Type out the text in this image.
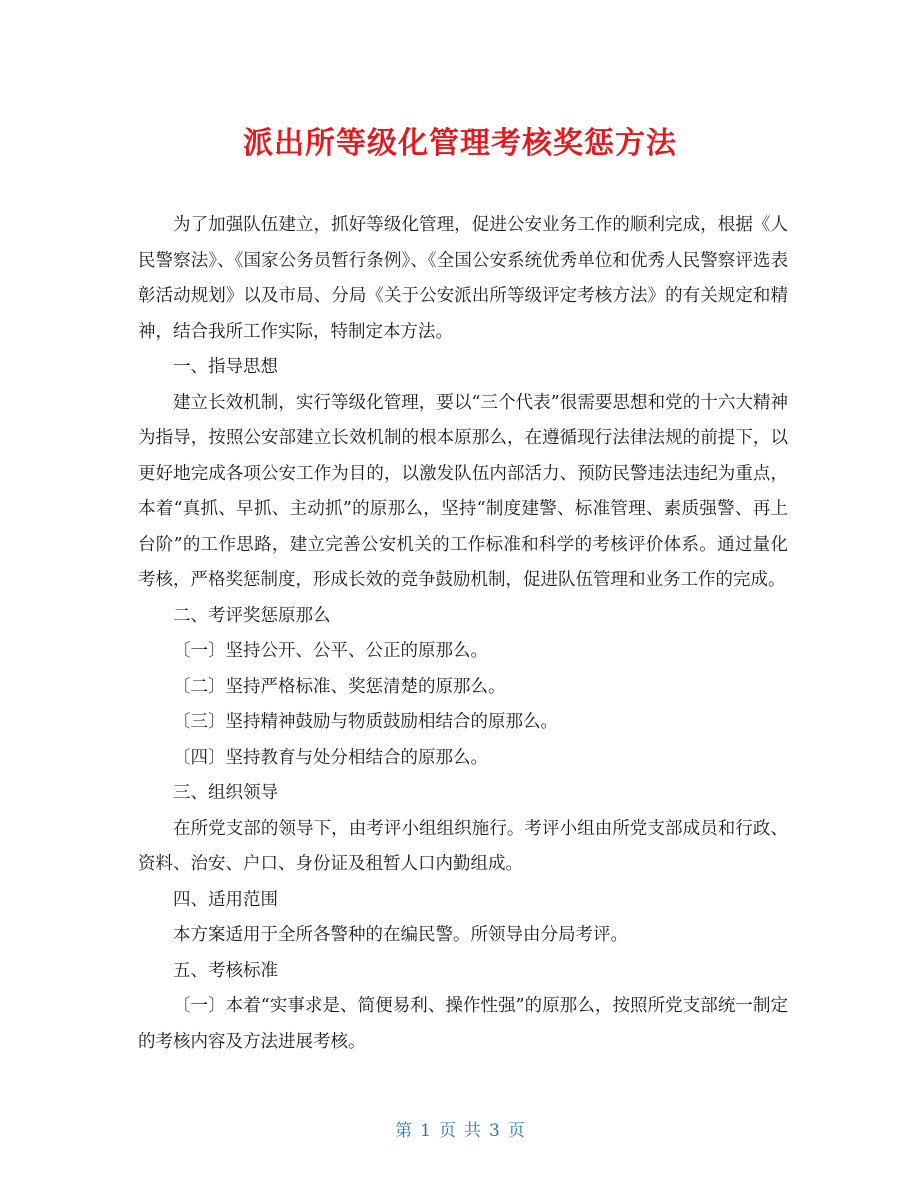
派出所等级化管理考核奖惩方法

为了加强队伍建立，抓好等级化管理，促进公安业务工作的顺利完成，根据《人民警察法》、《国家公务员暂行条例》、《全国公安系统优秀单位和优秀人民警察评选表彰活动规划》以及市局、分局《关于公安派出所等级评定考核方法》的有关规定和精神，结合我所工作实际，特制定本方法。

一、指导思想

建立长效机制，实行等级化管理，要以“三个代表”很需要思想和党的十六大精神为指导，按照公安部建立长效机制的根本原那么，在遵循现行法律法规的前提下，以更好地完成各项公安工作为目的，以激发队伍内部活力、预防民警违法违纪为重点，本着“真抓、早抓、主动抓”的原那么，坚持“制度建警、标准管理、素质强警、再上台阶”的工作思路，建立完善公安机关的工作标准和科学的考核评价体系。通过量化考核，严格奖惩制度，形成长效的竞争鼓励机制，促进队伍管理和业务工作的完成。

二、考评奖惩原那么

〔一〕坚持公开、公平、公正的原那么。

〔二〕坚持严格标准、奖惩清楚的原那么。

〔三〕坚持精神鼓励与物质鼓励相结合的原那么。

〔四〕坚持教育与处分相结合的原那么。

三、组织领导

在所党支部的领导下，由考评小组组织施行。考评小组由所党支部成员和行政、资料、治安、户口、身份证及租暂人口内勤组成。

四、适用范围

本方案适用于全所各警种的在编民警。所领导由分局考评。

五、考核标准

〔一〕本着“实事求是、简便易利、操作性强”的原那么，按照所党支部统一制定的考核内容及方法进展考核。

第 1 页 共 3 页
